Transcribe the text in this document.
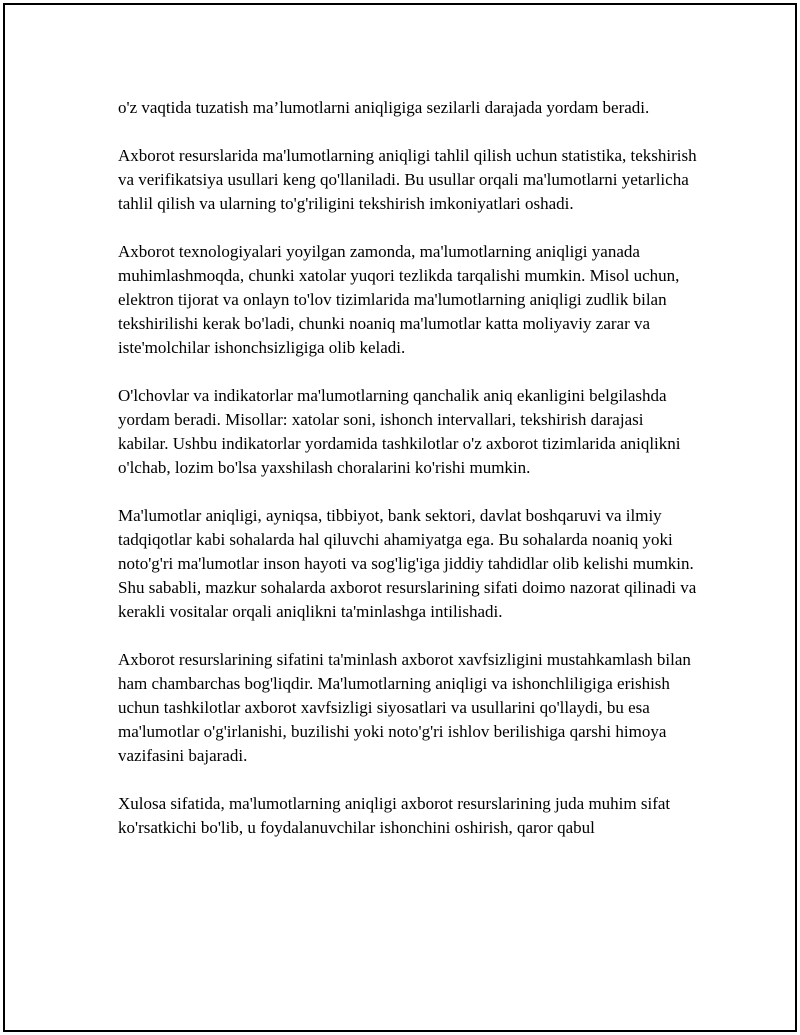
o'z vaqtida tuzatish ma’lumotlarni aniqligiga sezilarli darajada yordam beradi.

Axborot resurslarida ma'lumotlarning aniqligi tahlil qilish uchun statistika, tekshirish va verifikatsiya usullari keng qo'llaniladi. Bu usullar orqali ma'lumotlarni yetarlicha tahlil qilish va ularning to'g'riligini tekshirish imkoniyatlari oshadi.

Axborot texnologiyalari yoyilgan zamonda, ma'lumotlarning aniqligi yanada muhimlashmoqda, chunki xatolar yuqori tezlikda tarqalishi mumkin. Misol uchun, elektron tijorat va onlayn to'lov tizimlarida ma'lumotlarning aniqligi zudlik bilan tekshirilishi kerak bo'ladi, chunki noaniq ma'lumotlar katta moliyaviy zarar va iste'molchilar ishonchsizligiga olib keladi.

O'lchovlar va indikatorlar ma'lumotlarning qanchalik aniq ekanligini belgilashda yordam beradi. Misollar: xatolar soni, ishonch intervallari, tekshirish darajasi kabilar. Ushbu indikatorlar yordamida tashkilotlar o'z axborot tizimlarida aniqlikni o'lchab, lozim bo'lsa yaxshilash choralarini ko'rishi mumkin.

Ma'lumotlar aniqligi, ayniqsa, tibbiyot, bank sektori, davlat boshqaruvi va ilmiy tadqiqotlar kabi sohalarda hal qiluvchi ahamiyatga ega. Bu sohalarda noaniq yoki noto'g'ri ma'lumotlar inson hayoti va sog'lig'iga jiddiy tahdidlar olib kelishi mumkin. Shu sababli, mazkur sohalarda axborot resurslarining sifati doimo nazorat qilinadi va kerakli vositalar orqali aniqlikni ta'minlashga intilishadi.

Axborot resurslarining sifatini ta'minlash axborot xavfsizligini mustahkamlash bilan ham chambarchas bog'liqdir. Ma'lumotlarning aniqligi va ishonchliligiga erishish uchun tashkilotlar axborot xavfsizligi siyosatlari va usullarini qo'llaydi, bu esa ma'lumotlar o'g'irlanishi, buzilishi yoki noto'g'ri ishlov berilishiga qarshi himoya vazifasini bajaradi.

Xulosa sifatida, ma'lumotlarning aniqligi axborot resurslarining juda muhim sifat ko'rsatkichi bo'lib, u foydalanuvchilar ishonchini oshirish, qaror qabul
